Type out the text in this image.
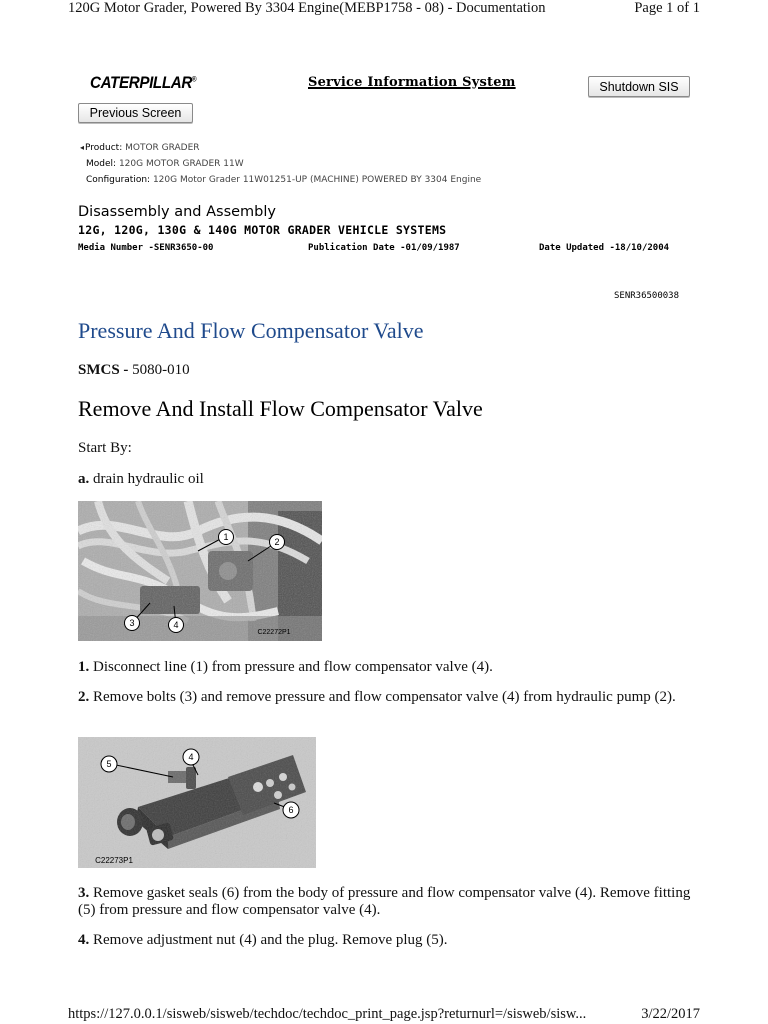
120G Motor Grader, Powered By 3304 Engine(MEBP1758 - 08) - Documentation	Page 1 of 1
CATERPILLAR®	Service Information System	Shutdown SIS
Previous Screen
◂Product: MOTOR GRADER
Model: 120G MOTOR GRADER 11W
Configuration: 120G Motor Grader 11W01251-UP (MACHINE) POWERED BY 3304 Engine
Disassembly and Assembly
12G, 120G, 130G & 140G MOTOR GRADER VEHICLE SYSTEMS
Media Number -SENR3650-00	Publication Date -01/09/1987	Date Updated -18/10/2004
SENR36500038
Pressure And Flow Compensator Valve
SMCS - 5080-010
Remove And Install Flow Compensator Valve
Start By:
a. drain hydraulic oil
1	2
3	4
C22272P1
1. Disconnect line (1) from pressure and flow compensator valve (4).
2. Remove bolts (3) and remove pressure and flow compensator valve (4) from hydraulic pump (2).
5
4
6
C22273P1
3. Remove gasket seals (6) from the body of pressure and flow compensator valve (4). Remove fitting (5) from pressure and flow compensator valve (4).
4. Remove adjustment nut (4) and the plug. Remove plug (5).
https://127.0.0.1/sisweb/sisweb/techdoc/techdoc_print_page.jsp?returnurl=/sisweb/sisw...	3/22/2017
